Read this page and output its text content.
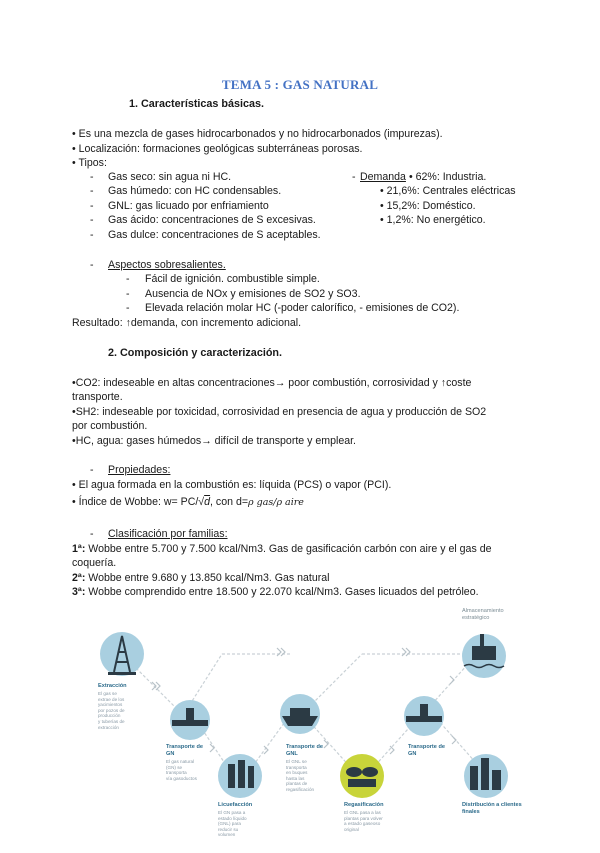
TEMA 5 : GAS NATURAL
1. Características básicas.
• Es una mezcla de gases hidrocarbonados y no hidrocarbonados (impurezas).
• Localización: formaciones geológicas subterráneas porosas.
• Tipos:
- Gas seco: sin agua ni HC.
- Gas húmedo: con HC condensables.
- GNL: gas licuado por enfriamiento
- Gas ácido: concentraciones de S excesivas.
- Gas dulce: concentraciones de S aceptables.
- Demanda • 62%: Industria.
• 21,6%: Centrales eléctricas
• 15,2%: Doméstico.
• 1,2%: No energético.
- Aspectos sobresalientes.
- Fácil de ignición. combustible simple.
- Ausencia de NOx y emisiones de SO2 y SO3.
- Elevada relación molar HC (-poder calorífico, - emisiones de CO2).
Resultado: ↑demanda, con incremento adicional.
2. Composición y caracterización.
•CO2: indeseable en altas concentraciones→ poor combustión, corrosividad y ↑coste
transporte.
•SH2: indeseable por toxicidad, corrosividad en presencia de agua y producción de SO2
por combustión.
•HC, agua: gases húmedos→ difícil de transporte y emplear.
- Propiedades:
• El agua formada en la combustión es: líquida (PCS) o vapor (PCI).
• Índice de Wobbe: w= PC/√d, con d=ρ gas/ρ aire
- Clasificación por familias:
1ª: Wobbe entre 5.700 y 7.500 kcal/Nm3. Gas de gasificación carbón con aire y el gas de
coquería.
2ª: Wobbe entre 9.680 y 13.850 kcal/Nm3. Gas natural
3ª: Wobbe comprendido entre 18.500 y 22.070 kcal/Nm3. Gases licuados del petróleo.
Extracción
El gas se
extrae de los
yacimientos
por pozos de
producción
y tuberías de
extracción
Transporte de GN
El gas natural
(GN) se
transporta
vía gasoductos
Licuefacción
El GN pasa a
estado líquido
(GNL) para
reducir su
volumen
Transporte de GNL
El GNL se
transporta
en buques
hasta las
plantas de
regasificación
Regasificación
El GNL pasa a las
plantas para volver
a estado gaseoso
original
Transporte de GN
Almacenamiento estratégico
Distribución a clientes finales
